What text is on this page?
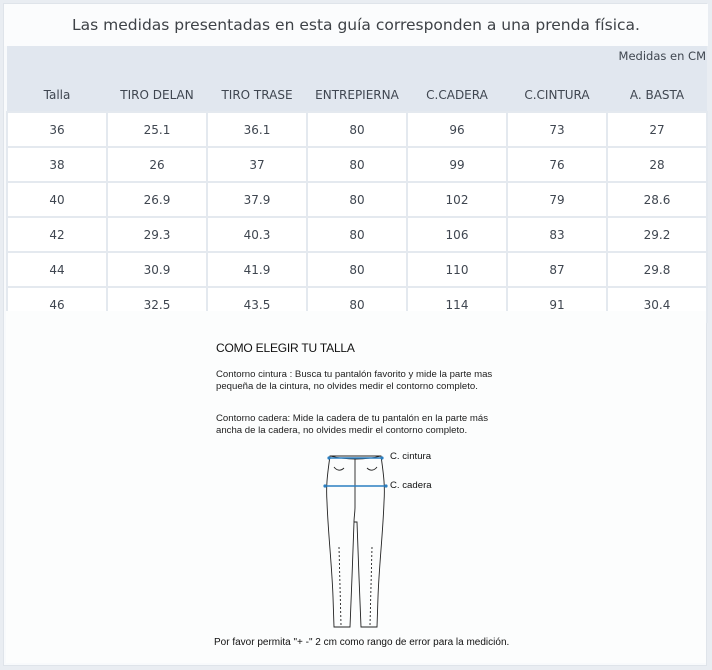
Las medidas presentadas en esta guía corresponden a una prenda física.
Talla	TIRO DELAN	TIRO TRASE	ENTREPIERNA	C.CADERA	C.CINTURA	A. BASTA
36	25.1	36.1	80	96	73	27
38	26	37	80	99	76	28
40	26.9	37.9	80	102	79	28.6
42	29.3	40.3	80	106	83	29.2
44	30.9	41.9	80	110	87	29.8
46	32.5	43.5	80	114	91	30.4
Medidas en CM
COMO ELEGIR TU TALLA

Contorno cintura : Busca tu pantalón favorito y mide la parte mas pequeña de la cintura, no olvides medir el contorno completo.

Contorno cadera: Mide la cadera de tu pantalón en la parte más ancha de la cadera, no olvides medir el contorno completo.

C. cintura
C. cadera
Por favor permita "+ -" 2 cm como rango de error para la medición.
